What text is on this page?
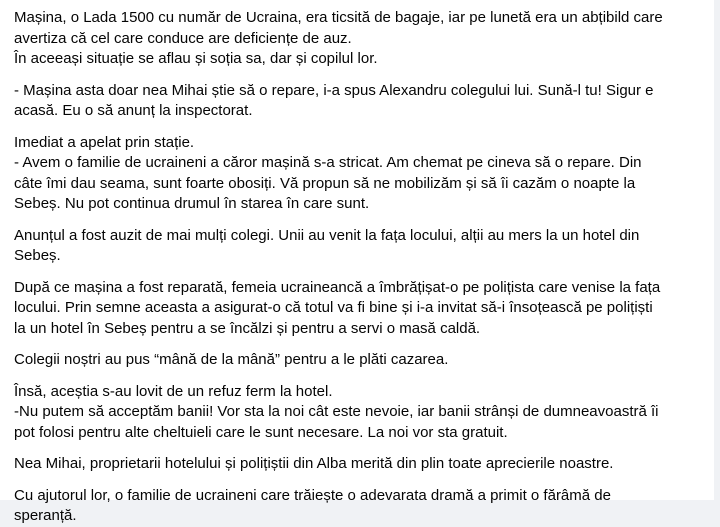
Mașina, o Lada 1500 cu număr de Ucraina, era ticsită de bagaje, iar pe lunetă era un abțibild care
avertiza că cel care conduce are deficiențe de auz.
În aceeași situație se aflau și soția sa, dar și copilul lor.

- Mașina asta doar nea Mihai știe să o repare, i-a spus Alexandru colegului lui. Sună-l tu! Sigur e
acasă. Eu o să anunț la inspectorat.

Imediat a apelat prin stație.
- Avem o familie de ucraineni a căror mașină s-a stricat. Am chemat pe cineva să o repare. Din
câte îmi dau seama, sunt foarte obosiți. Vă propun să ne mobilizăm și să îi cazăm o noapte la
Sebeș. Nu pot continua drumul în starea în care sunt.

Anunțul a fost auzit de mai mulți colegi. Unii au venit la fața locului, alții au mers la un hotel din
Sebeș.

După ce mașina a fost reparată, femeia ucraineancă a îmbrățișat-o pe polițista care venise la fața
locului. Prin semne aceasta a asigurat-o că totul va fi bine și i-a invitat să-i însoțească pe polițiști
la un hotel în Sebeș pentru a se încălzi și pentru a servi o masă caldă.

Colegii noștri au pus “mână de la mână” pentru a le plăti cazarea.

Însă, aceștia s-au lovit de un refuz ferm la hotel.
-Nu putem să acceptăm banii! Vor sta la noi cât este nevoie, iar banii strânși de dumneavoastră îi
pot folosi pentru alte cheltuieli care le sunt necesare. La noi vor sta gratuit.

Nea Mihai, proprietarii hotelului și polițiștii din Alba merită din plin toate aprecierile noastre.

Cu ajutorul lor, o familie de ucraineni care trăiește o adevarata dramă a primit o fărâmă de
speranță.
